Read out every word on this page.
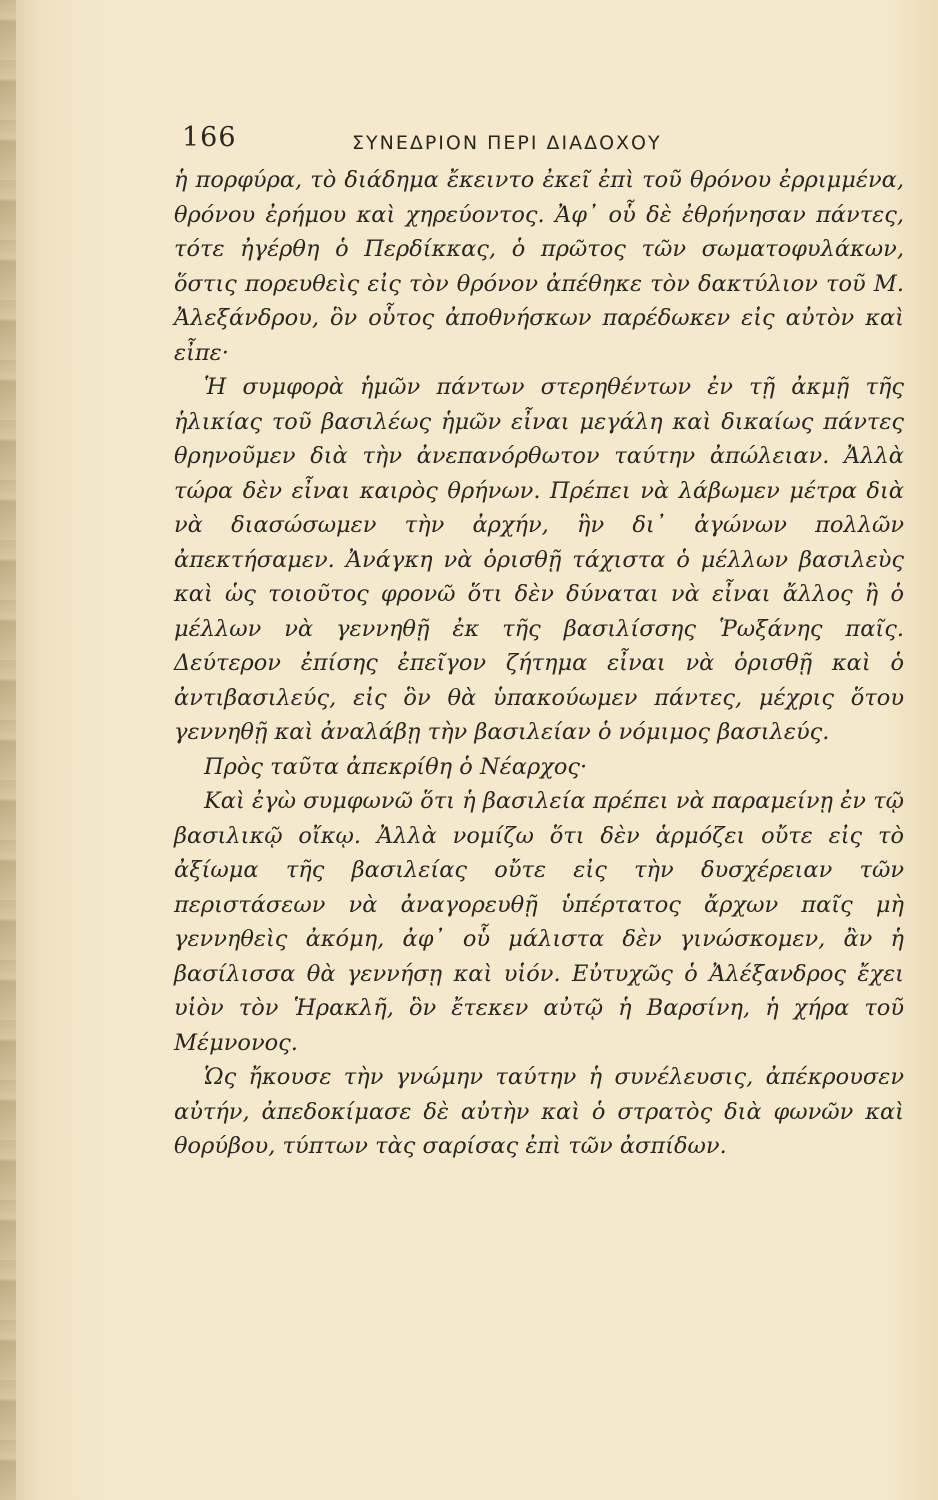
166	ΣΥΝΕΔΡΙΟΝ ΠΕΡΙ ΔΙΑΔΟΧΟΥ

ἡ πορφύρα, τὸ διάδημα ἔκειντο ἐκεῖ ἐπὶ τοῦ θρόνου ἐρριμμένα, θρόνου ἐρήμου καὶ χηρεύοντος. Ἀφ᾽ οὗ δὲ ἐθρήνησαν πάντες, τότε ἠγέρθη ὁ Περδίκκας, ὁ πρῶτος τῶν σωματοφυλάκων, ὅστις πορευθεὶς εἰς τὸν θρόνον ἀπέθηκε τὸν δακτύλιον τοῦ Μ. Ἀλεξάνδρου, ὃν οὗτος ἀποθνήσκων παρέδωκεν εἰς αὐτὸν καὶ εἶπε·

Ἡ συμφορὰ ἡμῶν πάντων στερηθέντων ἐν τῇ ἀκμῇ τῆς ἡλικίας τοῦ βασιλέως ἡμῶν εἶναι μεγάλη καὶ δικαίως πάντες θρηνοῦμεν διὰ τὴν ἀνεπανόρθωτον ταύτην ἀπώλειαν. Ἀλλὰ τώρα δὲν εἶναι καιρὸς θρήνων. Πρέπει νὰ λάβωμεν μέτρα διὰ νὰ διασώσωμεν τὴν ἀρχήν, ἣν δι᾽ ἀγώνων πολλῶν ἀπεκτήσαμεν. Ἀνάγκη νὰ ὁρισθῇ τάχιστα ὁ μέλλων βασιλεὺς καὶ ὡς τοιοῦτος φρονῶ ὅτι δὲν δύναται νὰ εἶναι ἄλλος ἢ ὁ μέλλων νὰ γεννηθῇ ἐκ τῆς βασιλίσσης Ῥωξάνης παῖς. Δεύτερον ἐπίσης ἐπεῖγον ζήτημα εἶναι νὰ ὁρισθῇ καὶ ὁ ἀντιβασιλεύς, εἰς ὃν θὰ ὑπακούωμεν πάντες, μέχρις ὅτου γεννηθῇ καὶ ἀναλάβῃ τὴν βασιλείαν ὁ νόμιμος βασιλεύς.

Πρὸς ταῦτα ἀπεκρίθη ὁ Νέαρχος·

Καὶ ἐγὼ συμφωνῶ ὅτι ἡ βασιλεία πρέπει νὰ παραμείνῃ ἐν τῷ βασιλικῷ οἴκῳ. Ἀλλὰ νομίζω ὅτι δὲν ἁρμόζει οὔτε εἰς τὸ ἀξίωμα τῆς βασιλείας οὔτε εἰς τὴν δυσχέρειαν τῶν περιστάσεων νὰ ἀναγορευθῇ ὑπέρτατος ἄρχων παῖς μὴ γεννηθεὶς ἀκόμη, ἀφ᾽ οὗ μάλιστα δὲν γινώσκομεν, ἂν ἡ βασίλισσα θὰ γεννήσῃ καὶ υἱόν. Εὐτυχῶς ὁ Ἀλέξανδρος ἔχει υἱὸν τὸν Ἡρακλῆ, ὃν ἔτεκεν αὐτῷ ἡ Βαρσίνη, ἡ χήρα τοῦ Μέμνονος.

Ὡς ἤκουσε τὴν γνώμην ταύτην ἡ συνέλευσις, ἀπέκρουσεν αὐτήν, ἀπεδοκίμασε δὲ αὐτὴν καὶ ὁ στρατὸς διὰ φωνῶν καὶ θορύβου, τύπτων τὰς σαρίσας ἐπὶ τῶν ἀσπίδων.
